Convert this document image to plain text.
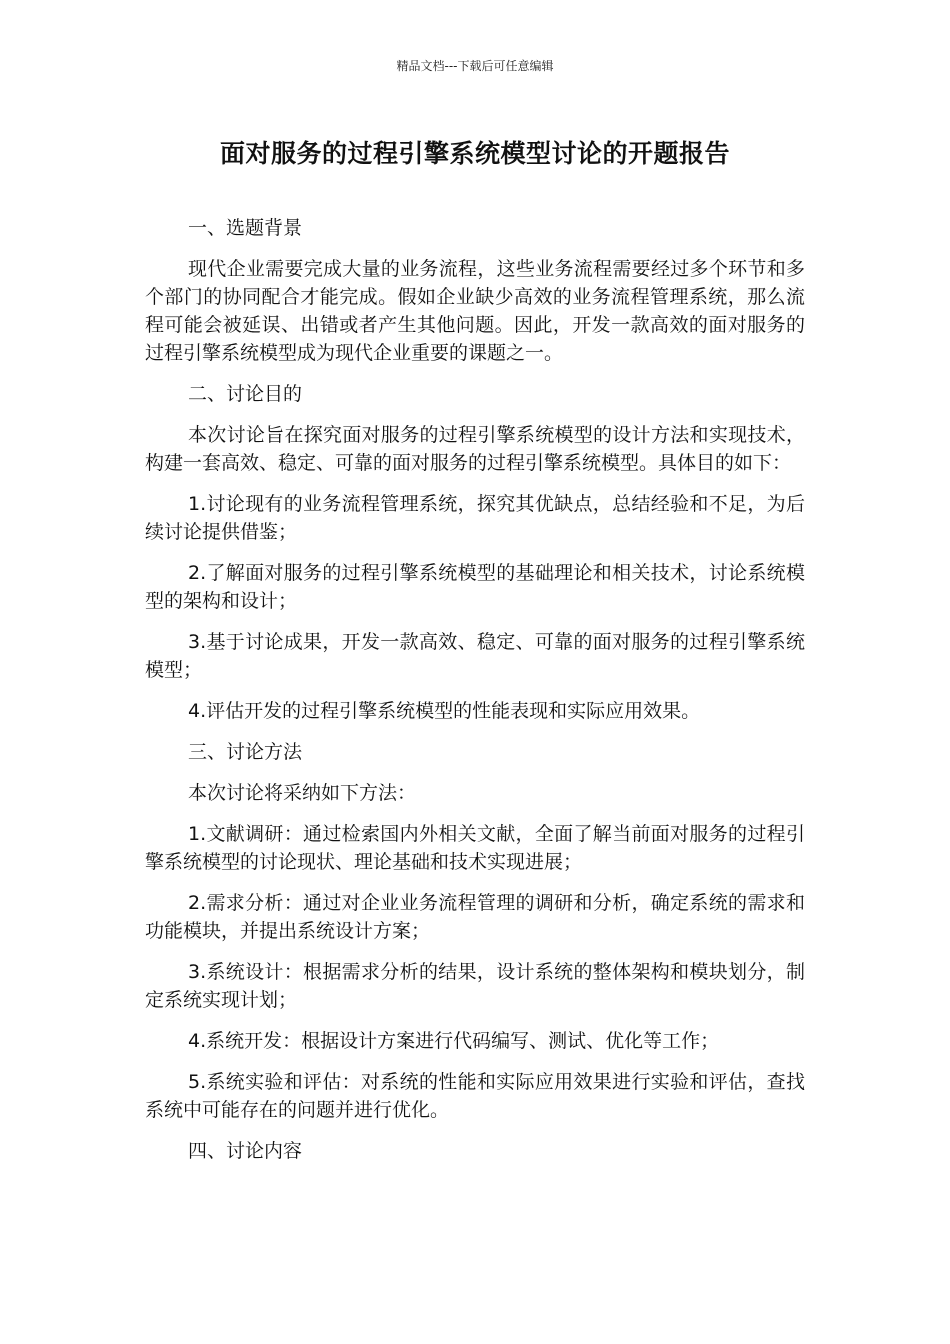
精品文档---下载后可任意编辑
面对服务的过程引擎系统模型讨论的开题报告
一、选题背景

现代企业需要完成大量的业务流程，这些业务流程需要经过多个环节和多个部门的协同配合才能完成。假如企业缺少高效的业务流程管理系统，那么流程可能会被延误、出错或者产生其他问题。因此，开发一款高效的面对服务的过程引擎系统模型成为现代企业重要的课题之一。

二、讨论目的

本次讨论旨在探究面对服务的过程引擎系统模型的设计方法和实现技术，构建一套高效、稳定、可靠的面对服务的过程引擎系统模型。具体目的如下：

1.讨论现有的业务流程管理系统，探究其优缺点，总结经验和不足，为后续讨论提供借鉴；

2.了解面对服务的过程引擎系统模型的基础理论和相关技术，讨论系统模型的架构和设计；

3.基于讨论成果，开发一款高效、稳定、可靠的面对服务的过程引擎系统模型；

4.评估开发的过程引擎系统模型的性能表现和实际应用效果。

三、讨论方法

本次讨论将采纳如下方法：

1.文献调研：通过检索国内外相关文献，全面了解当前面对服务的过程引擎系统模型的讨论现状、理论基础和技术实现进展；

2.需求分析：通过对企业业务流程管理的调研和分析，确定系统的需求和功能模块，并提出系统设计方案；

3.系统设计：根据需求分析的结果，设计系统的整体架构和模块划分，制定系统实现计划；

4.系统开发：根据设计方案进行代码编写、测试、优化等工作；

5.系统实验和评估：对系统的性能和实际应用效果进行实验和评估，查找系统中可能存在的问题并进行优化。

四、讨论内容
